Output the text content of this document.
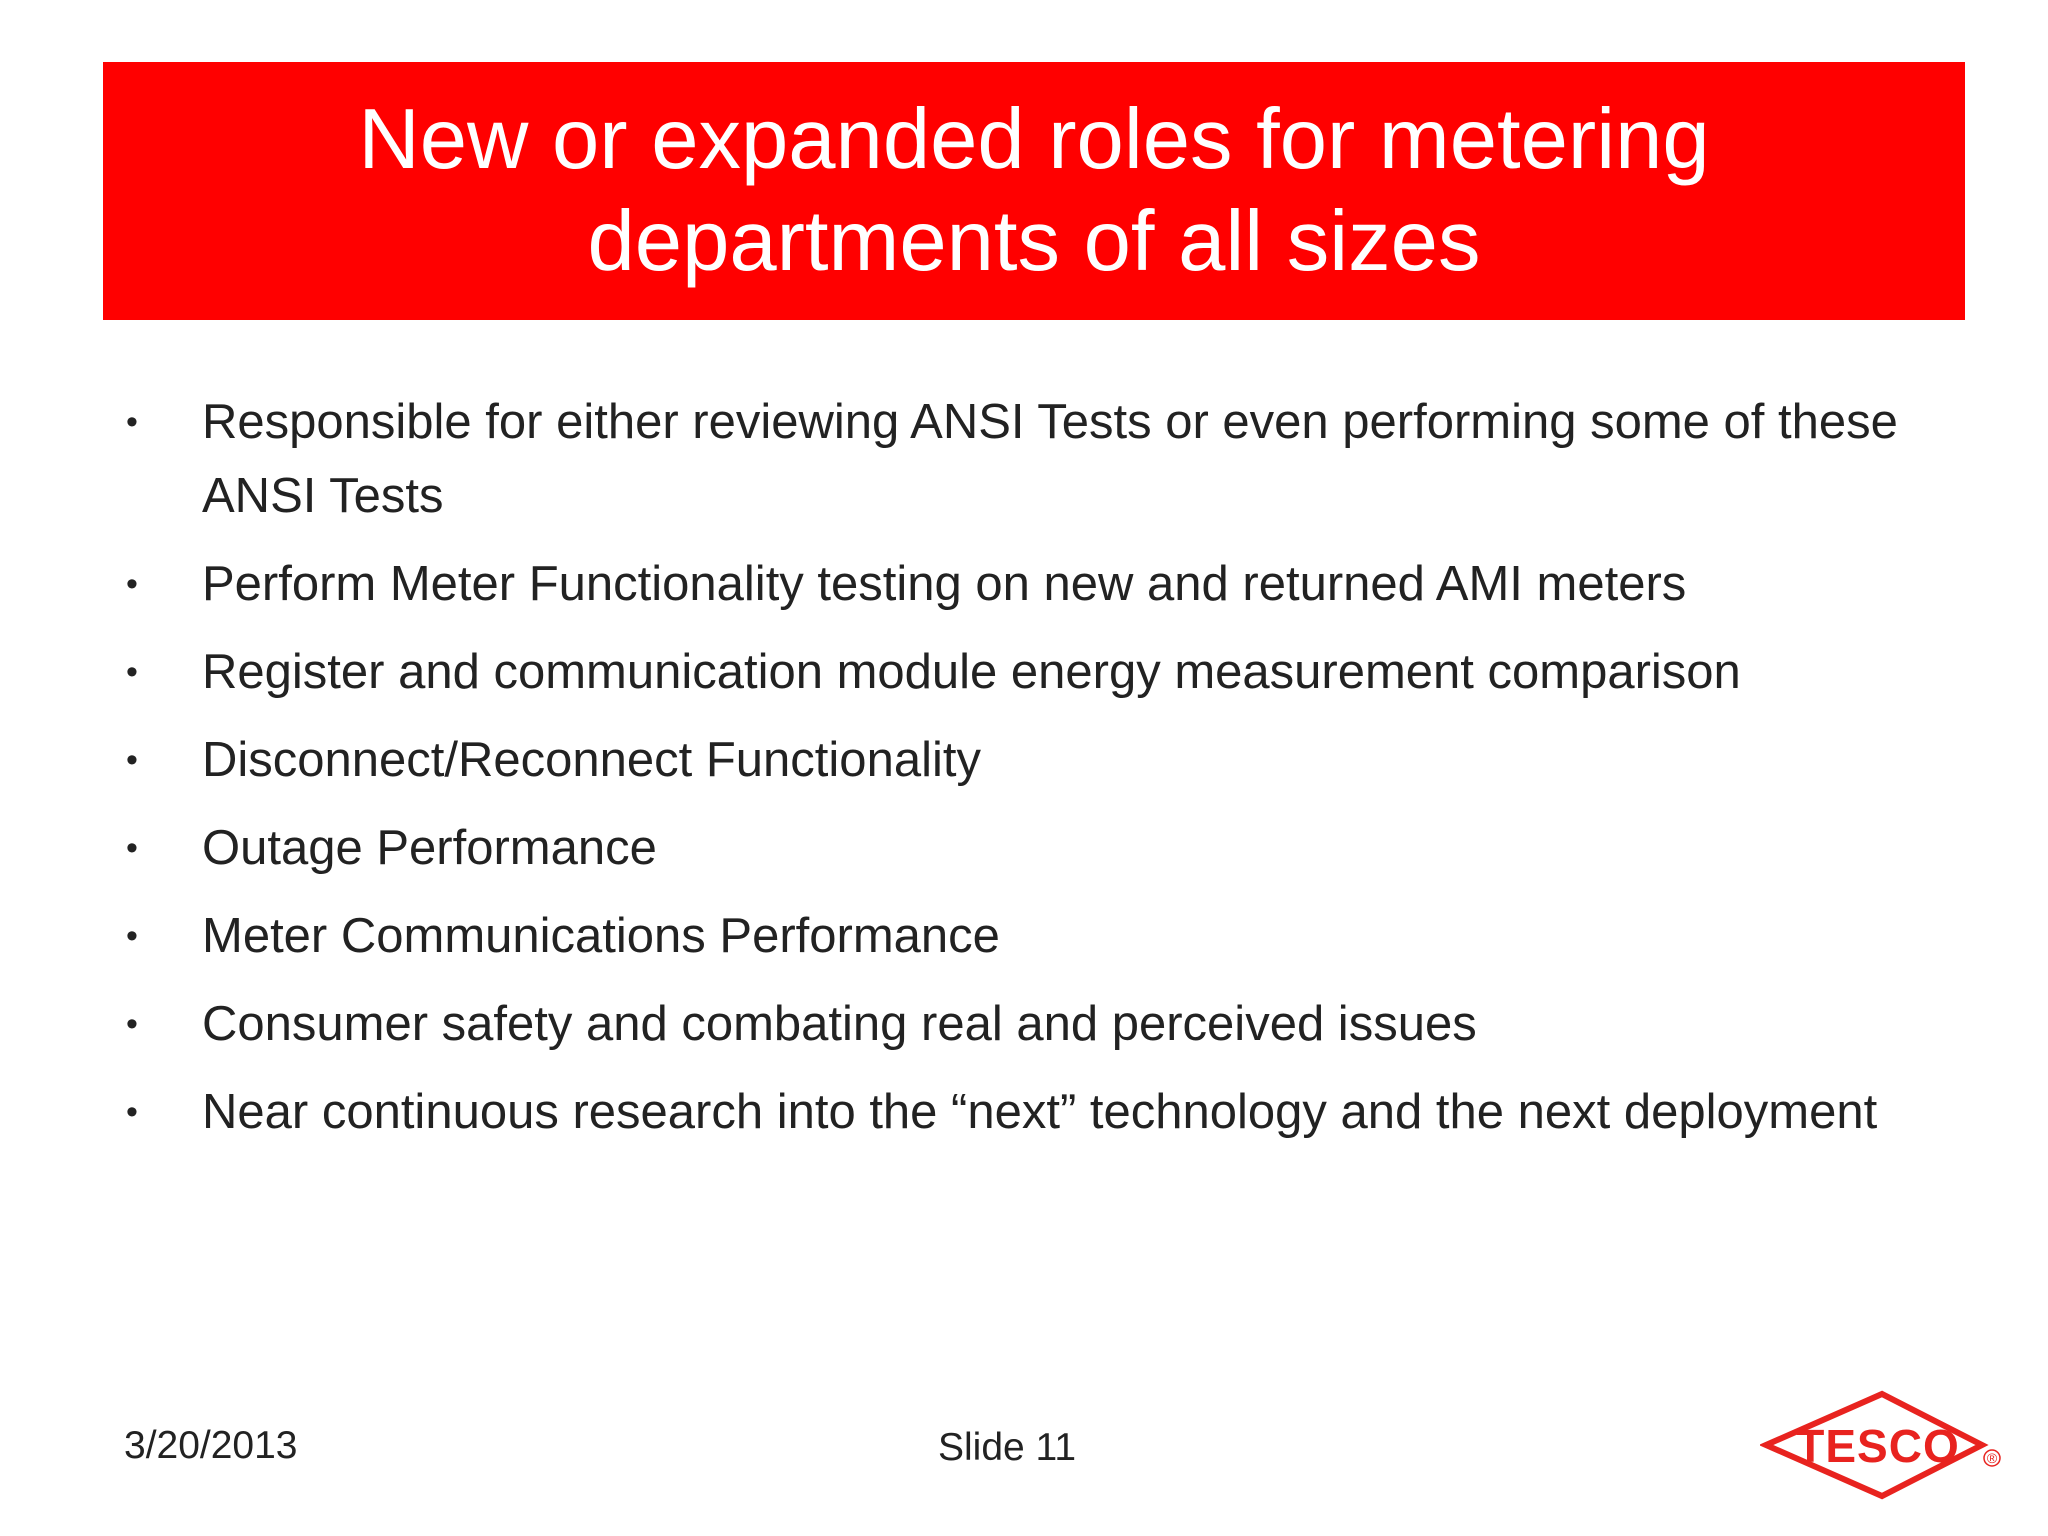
New or expanded roles for metering departments of all sizes
• Responsible for either reviewing ANSI Tests or even performing some of these ANSI Tests
• Perform Meter Functionality testing on new and returned AMI meters
• Register and communication module energy measurement comparison
• Disconnect/Reconnect Functionality
• Outage Performance
• Meter Communications Performance
• Consumer safety and combating real and perceived issues
• Near continuous research into the “next” technology and the next deployment
3/20/2013	Slide 11	TESCO ®
